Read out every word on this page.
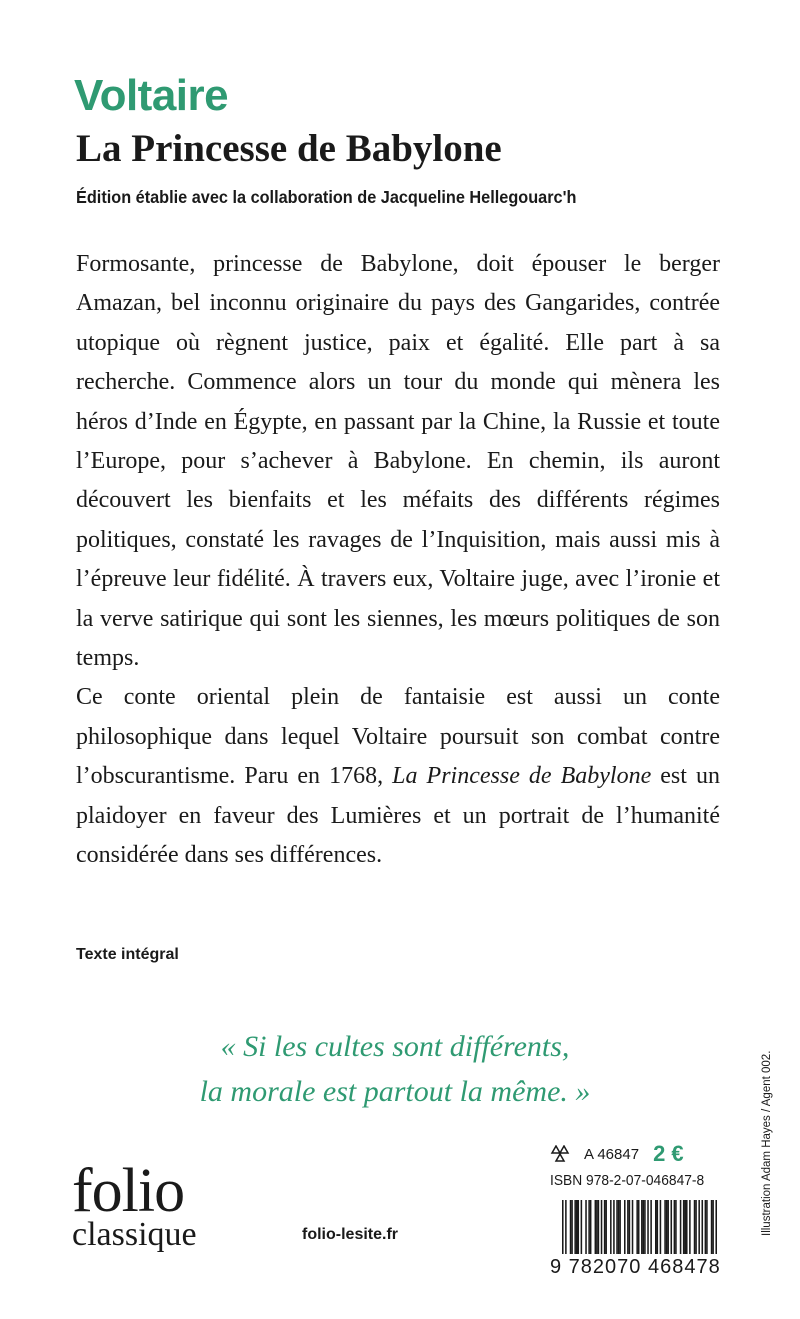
Voltaire
La Princesse de Babylone

Édition établie avec la collaboration de Jacqueline Hellegouarc'h

Formosante, princesse de Babylone, doit épouser le berger Amazan, bel inconnu originaire du pays des Gangarides, contrée utopique où règnent justice, paix et égalité. Elle part à sa recherche. Commence alors un tour du monde qui mènera les héros d’Inde en Égypte, en passant par la Chine, la Russie et toute l’Europe, pour s’achever à Babylone. En chemin, ils auront découvert les bienfaits et les méfaits des différents régimes politiques, constaté les ravages de l’Inquisition, mais aussi mis à l’épreuve leur fidélité. À travers eux, Voltaire juge, avec l’ironie et la verve satirique qui sont les siennes, les mœurs politiques de son temps.

Ce conte oriental plein de fantaisie est aussi un conte philosophique dans lequel Voltaire poursuit son combat contre l’obscurantisme. Paru en 1768, La Princesse de Babylone est un plaidoyer en faveur des Lumières et un portrait de l’humanité considérée dans ses différences.

Texte intégral

« Si les cultes sont différents,
la morale est partout la même. »	Illustration Adam Hayes / Agent 002.
folio
classique	folio-lesite.fr
A 46847 2 €
ISBN 978-2-07-046847-8
9 782070 468478
